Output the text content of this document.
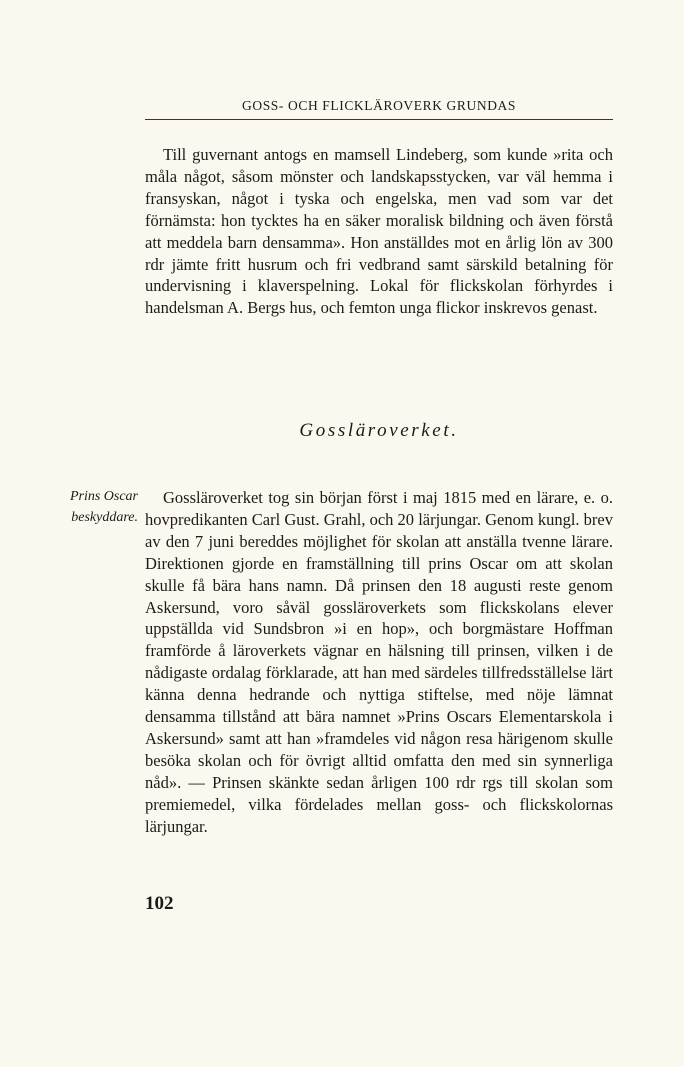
GOSS- OCH FLICKLÄROVERK GRUNDAS

Till guvernant antogs en mamsell Lindeberg, som kunde »rita och måla något, såsom mönster och landskapsstycken, var väl hemma i fransyskan, något i tyska och engelska, men vad som var det förnämsta: hon tycktes ha en säker moralisk bildning och även förstå att meddela barn densamma». Hon anställdes mot en årlig lön av 300 rdr jämte fritt husrum och fri vedbrand samt särskild betalning för undervisning i klaverspelning. Lokal för flickskolan förhyrdes i handelsman A. Bergs hus, och femton unga flickor inskrevos genast.

Gossläroverket.
Prins Oscar beskyddare.

Gossläroverket tog sin början först i maj 1815 med en lärare, e. o. hovpredikanten Carl Gust. Grahl, och 20 lärjungar. Genom kungl. brev av den 7 juni bereddes möjlighet för skolan att anställa tvenne lärare. Direktionen gjorde en framställning till prins Oscar om att skolan skulle få bära hans namn. Då prinsen den 18 augusti reste genom Askersund, voro såväl gossläroverkets som flickskolans elever uppställda vid Sundsbron »i en hop», och borgmästare Hoffman framförde å läroverkets vägnar en hälsning till prinsen, vilken i de nådigaste ordalag förklarade, att han med särdeles tillfredsställelse lärt känna denna hedrande och nyttiga stiftelse, med nöje lämnat densamma tillstånd att bära namnet »Prins Oscars Elementarskola i Askersund» samt att han »framdeles vid någon resa härigenom skulle besöka skolan och för övrigt alltid omfatta den med sin synnerliga nåd». — Prinsen skänkte sedan årligen 100 rdr rgs till skolan som premiemedel, vilka fördelades mellan goss- och flickskolornas lärjungar.

102
